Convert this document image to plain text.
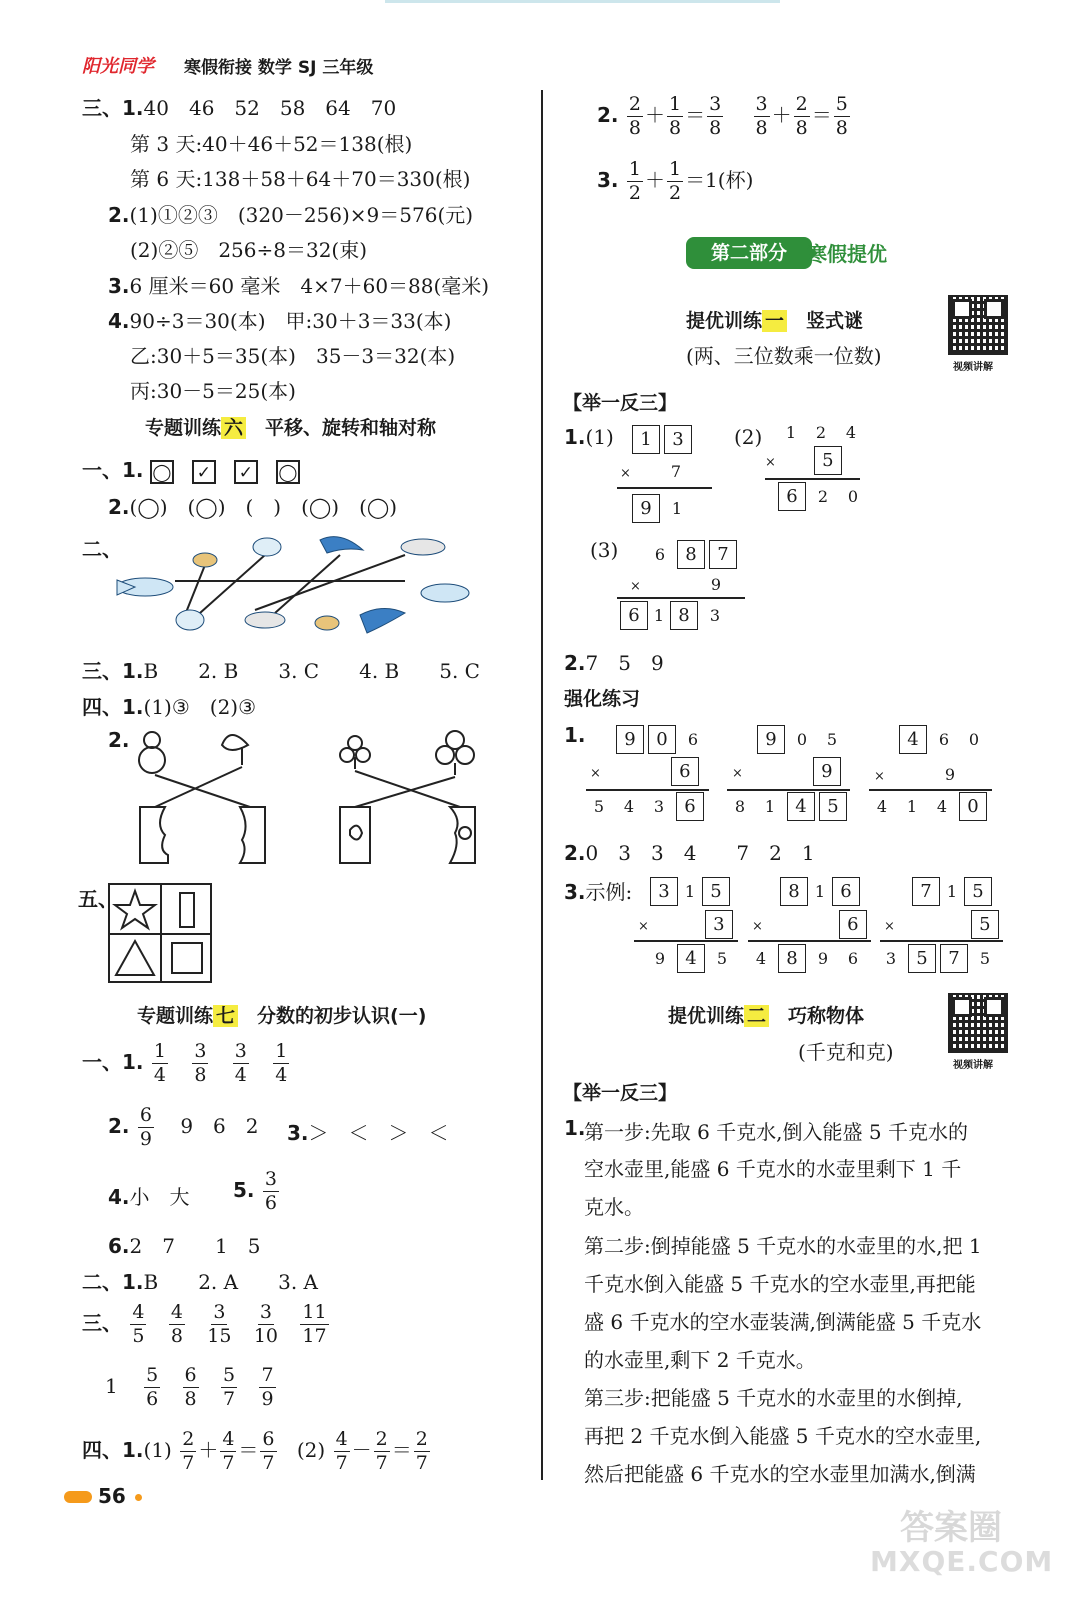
阳光同学 寒假衔接 数学 SJ 三年级
三、1.40　46　52　58　64　70
第 3 天:40＋46＋52＝138(根)
第 6 天:138＋58＋64＋70＝330(根)
2.(1)①②③　(320－256)×9＝576(元)
(2)②⑤　256÷8＝32(束)
3.6 厘米＝60 毫米　4×7＋60＝88(毫米)
4.90÷3＝30(本)　甲:30＋3＝33(本)
乙:30＋5＝35(本)　35－3＝32(本)
丙:30－5＝25(本)
专题训练 六　 平移、旋转和轴对称
一、1. ◯ ✓ ✓ ◯
2.(◯)　(◯)　(　)　(◯)　(◯)
二、
三、1.B　　2. B　　3. C　　4. B　　5. C
四、1.(1)③　(2)③
2.
五、
专题训练 七　 分数的初步认识(一)
一、1. $\frac{1}{4}$
$\frac{3}{8}$
$\frac{3}{4}$
$\frac{1}{4}$
2. $\frac{6}{9} 9$　6　2 3.＞　＜　＞　＜
4.小　大 5. $\frac{3}{6}$
6.2　7　　1　5
二、1.B　　2. A　　3. A
三、 $\frac{4}{5}$
$\frac{4}{8}$
$\frac{3}{15}$
$\frac{3}{10}$
$\frac{11}{17}$
$1 \frac{5}{6}$
$\frac{6}{8}$
$\frac{5}{7}$
$\frac{7}{9}$
四、$1.(1) \frac{2}{7} + \frac{4}{7} = \frac{6}{7} (2) \frac{4}{7} - \frac{2}{7} = \frac{2}{7}$
2. $\frac{2}{8} + \frac{1}{8} = \frac{3}{8}$
$\frac{3}{8} + \frac{2}{8} = \frac{5}{8}$
3. $\frac{1}{2} + \frac{1}{2} =1$(杯)
第二部分	寒假提优
提优训练 一　 竖式谜
(两、三位数乘一位数)	视频讲解
【举一反三】
1.(1)	1 3
× 7
9 1
(2)	1 2 4
×	5
6 2 0
(3)	6 8 7
×	9
6 1 8 3
2.7　5　9
强化练习
1.	9 0 6
×	6
5 4 3 6
9 0 5
×	9
8 1 4 5
4 6 0
×	9
4 1 4 0
2.0　3　3　4　　7　2　1
3.示例:	3 1 5
×	3
9 4 5
8 1 6
×	6
4 8 9 6
7 1 5
×	5
3 5 7 5
提优训练 二　 巧称物体
(千克和克)
视频讲解
【举一反三】
1.
第一步:先取 6 千克水,倒入能盛 5 千克水的
空水壶里,能盛 6 千克水的水壶里剩下 1 千
克水。
第二步:倒掉能盛 5 千克水的水壶里的水,把 1
千克水倒入能盛 5 千克水的空水壶里,再把能
盛 6 千克水的空水壶装满,倒满能盛 5 千克水
的水壶里,剩下 2 千克水。
第三步:把能盛 5 千克水的水壶里的水倒掉,
再把 2 千克水倒入能盛 5 千克水的空水壶里,
然后把能盛 6 千克水的空水壶里加满水,倒满
56
答案圈
MXQE.COM
